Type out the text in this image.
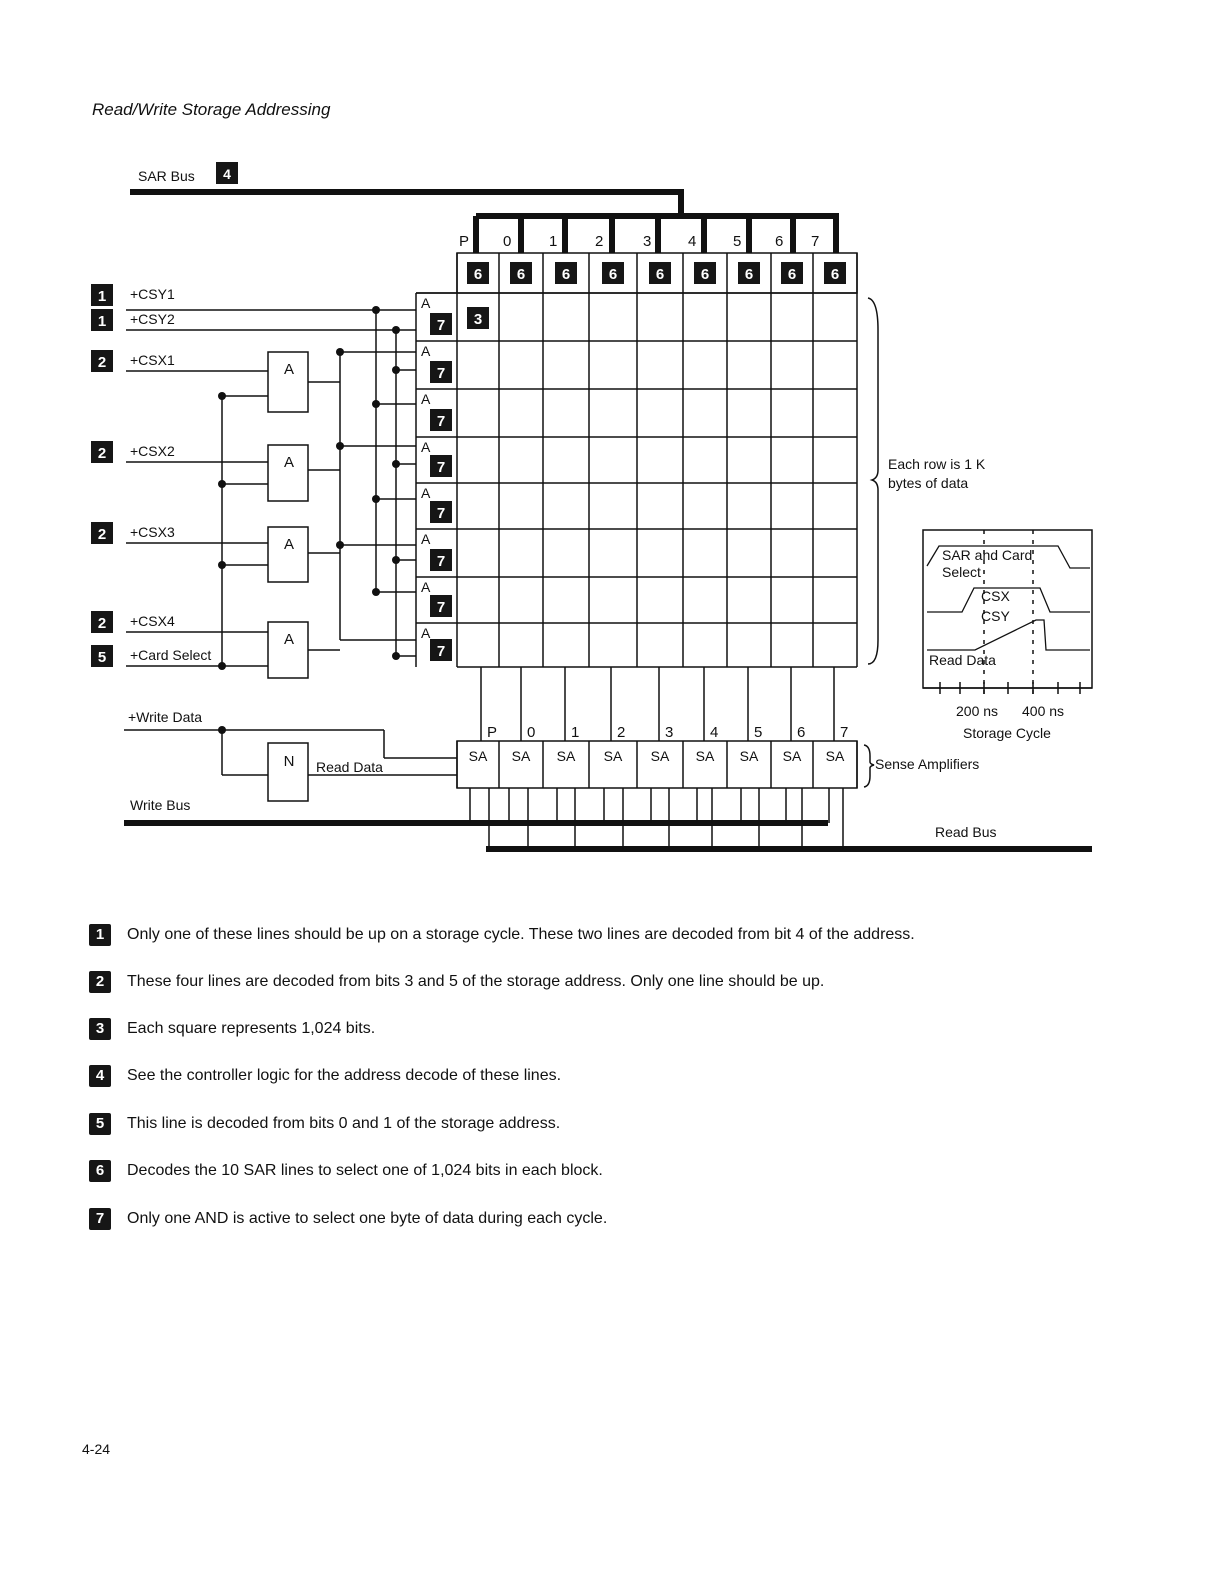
Read/Write Storage Addressing
P 0	1	2	3 4 5 6 7
6 6 6	6	6 6 6 6 6
3
A
7
A
7
A
7
A
7
A
7
A
7
A
7
A
7
1 +CSY1
1 +CSY2
2 +CSX1
2 +CSX2
2 +CSX3
2 +CSX4
5 +Card Select
A
A
A
A
N	SA SA SA SA SA SA SA SA SA
P 0 1	2	3 4 5 6 7
SAR Bus 4
+Write Data
Read Data
Write Bus
Read Bus
Sense Amplifiers
Each row is 1 K
bytes of data
SAR and Card
Select
CSX
CSY
Read Data
200 ns 400 ns
Storage Cycle
1	Only one of these lines should be up on a storage cycle. These two lines are decoded from bit 4 of the address.
2	These four lines are decoded from bits 3 and 5 of the storage address. Only one line should be up.
3	Each square represents 1,024 bits.
4	See the controller logic for the address decode of these lines.
5	This line is decoded from bits 0 and 1 of the storage address.
6	Decodes the 10 SAR lines to select one of 1,024 bits in each block.
7	Only one AND is active to select one byte of data during each cycle.
4-24
